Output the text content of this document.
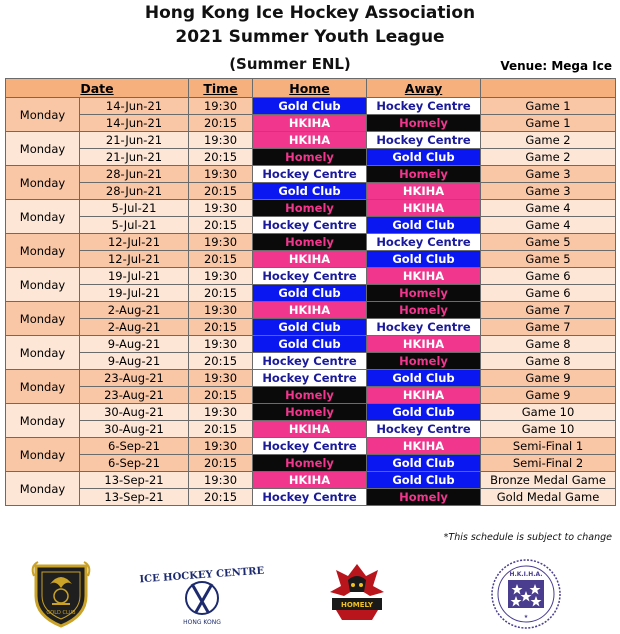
Hong Kong Ice Hockey Association
2021 Summer Youth League
(Summer ENL)	Venue: Mega Ice
Date		Time	Home	Away	
Monday	14-Jun-21	19:30	Gold Club	Hockey Centre	Game 1
	14-Jun-21	20:15	HKIHA	Homely	Game 1
Monday	21-Jun-21	19:30	HKIHA	Hockey Centre	Game 2
	21-Jun-21	20:15	Homely	Gold Club	Game 2
Monday	28-Jun-21	19:30	Hockey Centre	Homely	Game 3
	28-Jun-21	20:15	Gold Club	HKIHA	Game 3
Monday	5-Jul-21	19:30	Homely	HKIHA	Game 4
	5-Jul-21	20:15	Hockey Centre	Gold Club	Game 4
Monday	12-Jul-21	19:30	Homely	Hockey Centre	Game 5
	12-Jul-21	20:15	HKIHA	Gold Club	Game 5
Monday	19-Jul-21	19:30	Hockey Centre	HKIHA	Game 6
	19-Jul-21	20:15	Gold Club	Homely	Game 6
Monday	2-Aug-21	19:30	HKIHA	Homely	Game 7
	2-Aug-21	20:15	Gold Club	Hockey Centre	Game 7
Monday	9-Aug-21	19:30	Gold Club	HKIHA	Game 8
	9-Aug-21	20:15	Hockey Centre	Homely	Game 8
Monday	23-Aug-21	19:30	Hockey Centre	Gold Club	Game 9
	23-Aug-21	20:15	Homely	HKIHA	Game 9
Monday	30-Aug-21	19:30	Homely	Gold Club	Game 10
	30-Aug-21	20:15	HKIHA	Hockey Centre	Game 10
Monday	6-Sep-21	19:30	Hockey Centre	HKIHA	Semi-Final 1
	6-Sep-21	20:15	Homely	Gold Club	Semi-Final 2
Monday	13-Sep-21	19:30	HKIHA	Gold Club	Bronze Medal Game
	13-Sep-21	20:15	Hockey Centre	Homely	Gold Medal Game
*This schedule is subject to change
GOLD CLUB
ICE HOCKEY CENTRE
HONG KONG
HOMELY
H.K.I.H.A.
★
